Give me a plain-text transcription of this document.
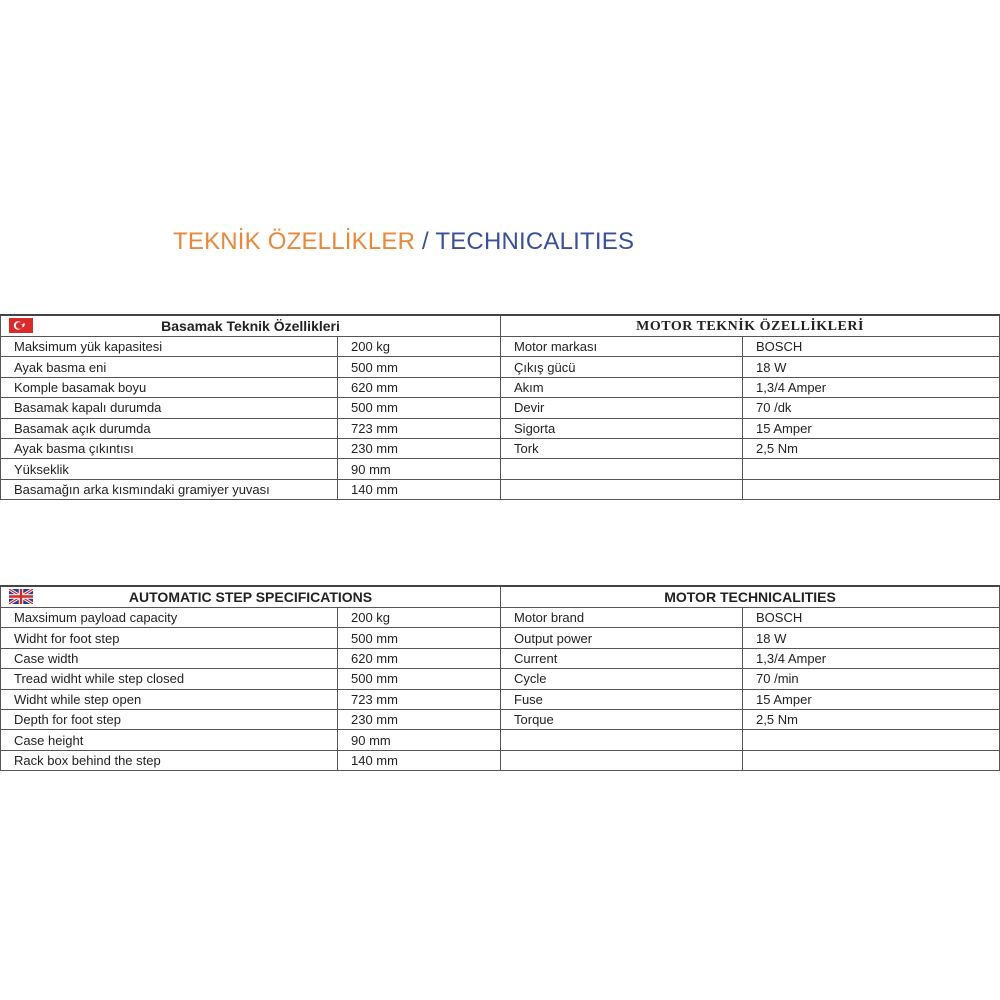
TEKNİK ÖZELLİKLER / TECHNICALITIES
Basamak Teknik Özellikleri		MOTOR TEKNİK ÖZELLİKLERİ	
Maksimum yük kapasitesi	200 kg	Motor markası	BOSCH
Ayak basma eni	500 mm	Çıkış gücü	18 W
Komple basamak boyu	620 mm	Akım	1,3/4 Amper
Basamak kapalı durumda	500 mm	Devir	70 /dk
Basamak açık durumda	723 mm	Sigorta	15 Amper
Ayak basma çıkıntısı	230 mm	Tork	2,5 Nm
Yükseklik	90 mm		
Basamağın arka kısmındaki gramiyer yuvası	140 mm		
AUTOMATIC STEP SPECIFICATIONS		MOTOR TECHNICALITIES	
Maxsimum payload capacity	200 kg	Motor brand	BOSCH
Widht for foot step	500 mm	Output power	18 W
Case width	620 mm	Current	1,3/4 Amper
Tread widht while step closed	500 mm	Cycle	70 /min
Widht while step open	723 mm	Fuse	15 Amper
Depth for foot step	230 mm	Torque	2,5 Nm
Case height	90 mm		
Rack box behind the step	140 mm		
